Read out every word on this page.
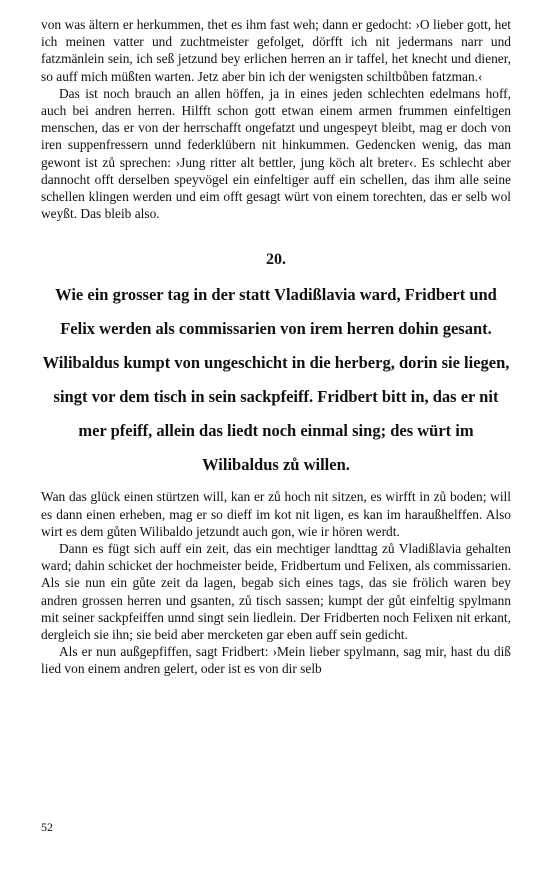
von was ältern er herkummen, thet es ihm fast weh; dann er gedocht: ›O lieber gott, het ich meinen vatter und zuchtmeister gefolget, dörfft ich nit jedermans narr und fatzmänlein sein, ich seß jetzund bey erlichen herren an ir taffel, het knecht und diener, so auff mich müßten warten. Jetz aber bin ich der wenigsten schiltbůben fatzman.‹

Das ist noch brauch an allen höffen, ja in eines jeden schlechten edelmans hoff, auch bei andren herren. Hilfft schon gott etwan einem armen frummen einfeltigen menschen, das er von der herrschafft ongefatzt und ungespeyt bleibt, mag er doch von iren suppenfressern unnd federklübern nit hinkummen. Gedencken wenig, das man gewont ist zů sprechen: ›Jung ritter alt bettler, jung köch alt breter‹. Es schlecht aber dannocht offt derselben speyvögel ein einfeltiger auff ein schellen, das ihm alle seine schellen klingen werden und eim offt gesagt würt von einem torechten, das er selb wol weyßt. Das bleib also.

20.

Wie ein grosser tag in der statt Vladißlavia ward, Fridbert und Felix werden als commissarien von irem herren dohin gesant. Wilibaldus kumpt von ungeschicht in die herberg, dorin sie liegen, singt vor dem tisch in sein sackpfeiff. Fridbert bitt in, das er nit mer pfeiff, allein das liedt noch einmal sing; des würt im Wilibaldus zů willen.

Wan das glück einen stürtzen will, kan er zů hoch nit sitzen, es wirfft in zů boden; will es dann einen erheben, mag er so dieff im kot nit ligen, es kan im haraußhelffen. Also wirt es dem gůten Wilibaldo jetzundt auch gon, wie ir hören werdt.

Dann es fügt sich auff ein zeit, das ein mechtiger landttag zů Vladißlavia gehalten ward; dahin schicket der hochmeister beide, Fridbertum und Felixen, als commissarien. Als sie nun ein gůte zeit da lagen, begab sich eines tags, das sie frölich waren bey andren grossen herren und gsanten, zů tisch sassen; kumpt der gůt einfeltig spylmann mit seiner sackpfeiffen unnd singt sein liedlein. Der Fridberten noch Felixen nit erkant, dergleich sie ihn; sie beid aber mercketen gar eben auff sein gedicht.

Als er nun außgepfiffen, sagt Fridbert: ›Mein lieber spylmann, sag mir, hast du diß lied von einem andren gelert, oder ist es von dir selb

52
